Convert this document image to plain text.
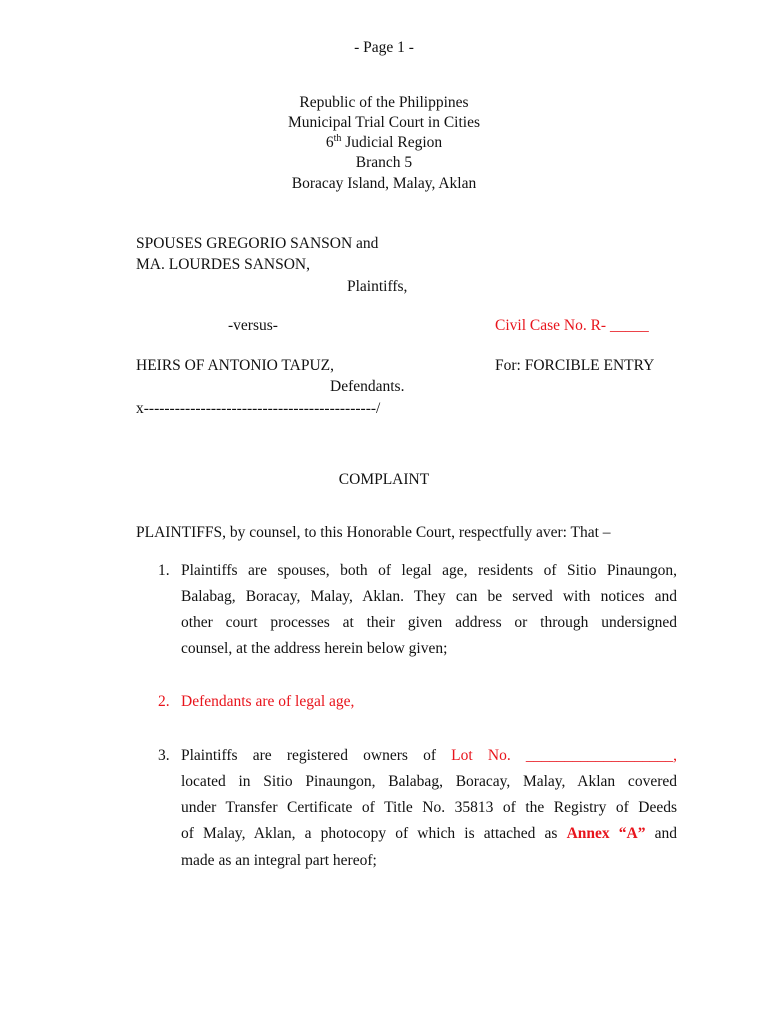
- Page 1 -
Republic of the Philippines
Municipal Trial Court in Cities
6th Judicial Region
Branch 5
Boracay Island, Malay, Aklan
SPOUSES GREGORIO SANSON and
MA. LOURDES SANSON,
Plaintiffs,
-versus-	Civil Case No. R- _____
HEIRS OF ANTONIO TAPUZ,	For: FORCIBLE ENTRY
Defendants.
x---------------------------------------------/
COMPLAINT
PLAINTIFFS, by counsel, to this Honorable Court, respectfully aver: That –
1. Plaintiffs are spouses, both of legal age, residents of Sitio Pinaungon,
Balabag, Boracay, Malay, Aklan. They can be served with notices and
other court processes at their given address or through undersigned
counsel, at the address herein below given;
2. Defendants are of legal age,
3. Plaintiffs are registered owners of Lot No. ___________________,
located in Sitio Pinaungon, Balabag, Boracay, Malay, Aklan covered
under Transfer Certificate of Title No. 35813 of the Registry of Deeds
of Malay, Aklan, a photocopy of which is attached as Annex “A” and
made as an integral part hereof;
